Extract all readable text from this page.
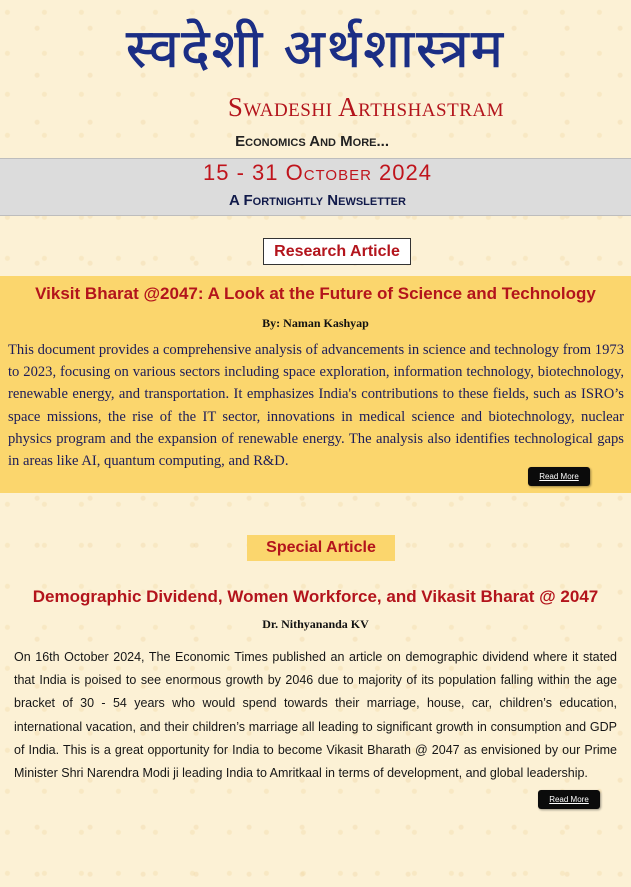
स्वदेशी अर्थशास्त्रम
Swadeshi Arthshastram
Economics And More...
15 - 31 October 2024
A Fortnightly Newsletter
Research Article
Viksit Bharat @2047: A Look at the Future of Science and Technology
By: Naman Kashyap
This document provides a comprehensive analysis of advancements in science and technology from 1973 to 2023, focusing on various sectors including space exploration, information technology, biotechnology, renewable energy, and transportation. It emphasizes India's contributions to these fields, such as ISRO’s space missions, the rise of the IT sector, innovations in medical science and biotechnology, nuclear physics program and the expansion of renewable energy. The analysis also identifies technological gaps in areas like AI, quantum computing, and R&D.
Read More
Special Article
Demographic Dividend, Women Workforce, and Vikasit Bharat @ 2047
Dr. Nithyananda KV
On 16th October 2024, The Economic Times published an article on demographic dividend where it stated that India is poised to see enormous growth by 2046 due to majority of its population falling within the age bracket of 30 - 54 years who would spend towards their marriage, house, car, children’s education, international vacation, and their children’s marriage all leading to significant growth in consumption and GDP of India. This is a great opportunity for India to become Vikasit Bharath @ 2047 as envisioned by our Prime Minister Shri Narendra Modi ji leading India to Amritkaal in terms of development, and global leadership.
Read More
